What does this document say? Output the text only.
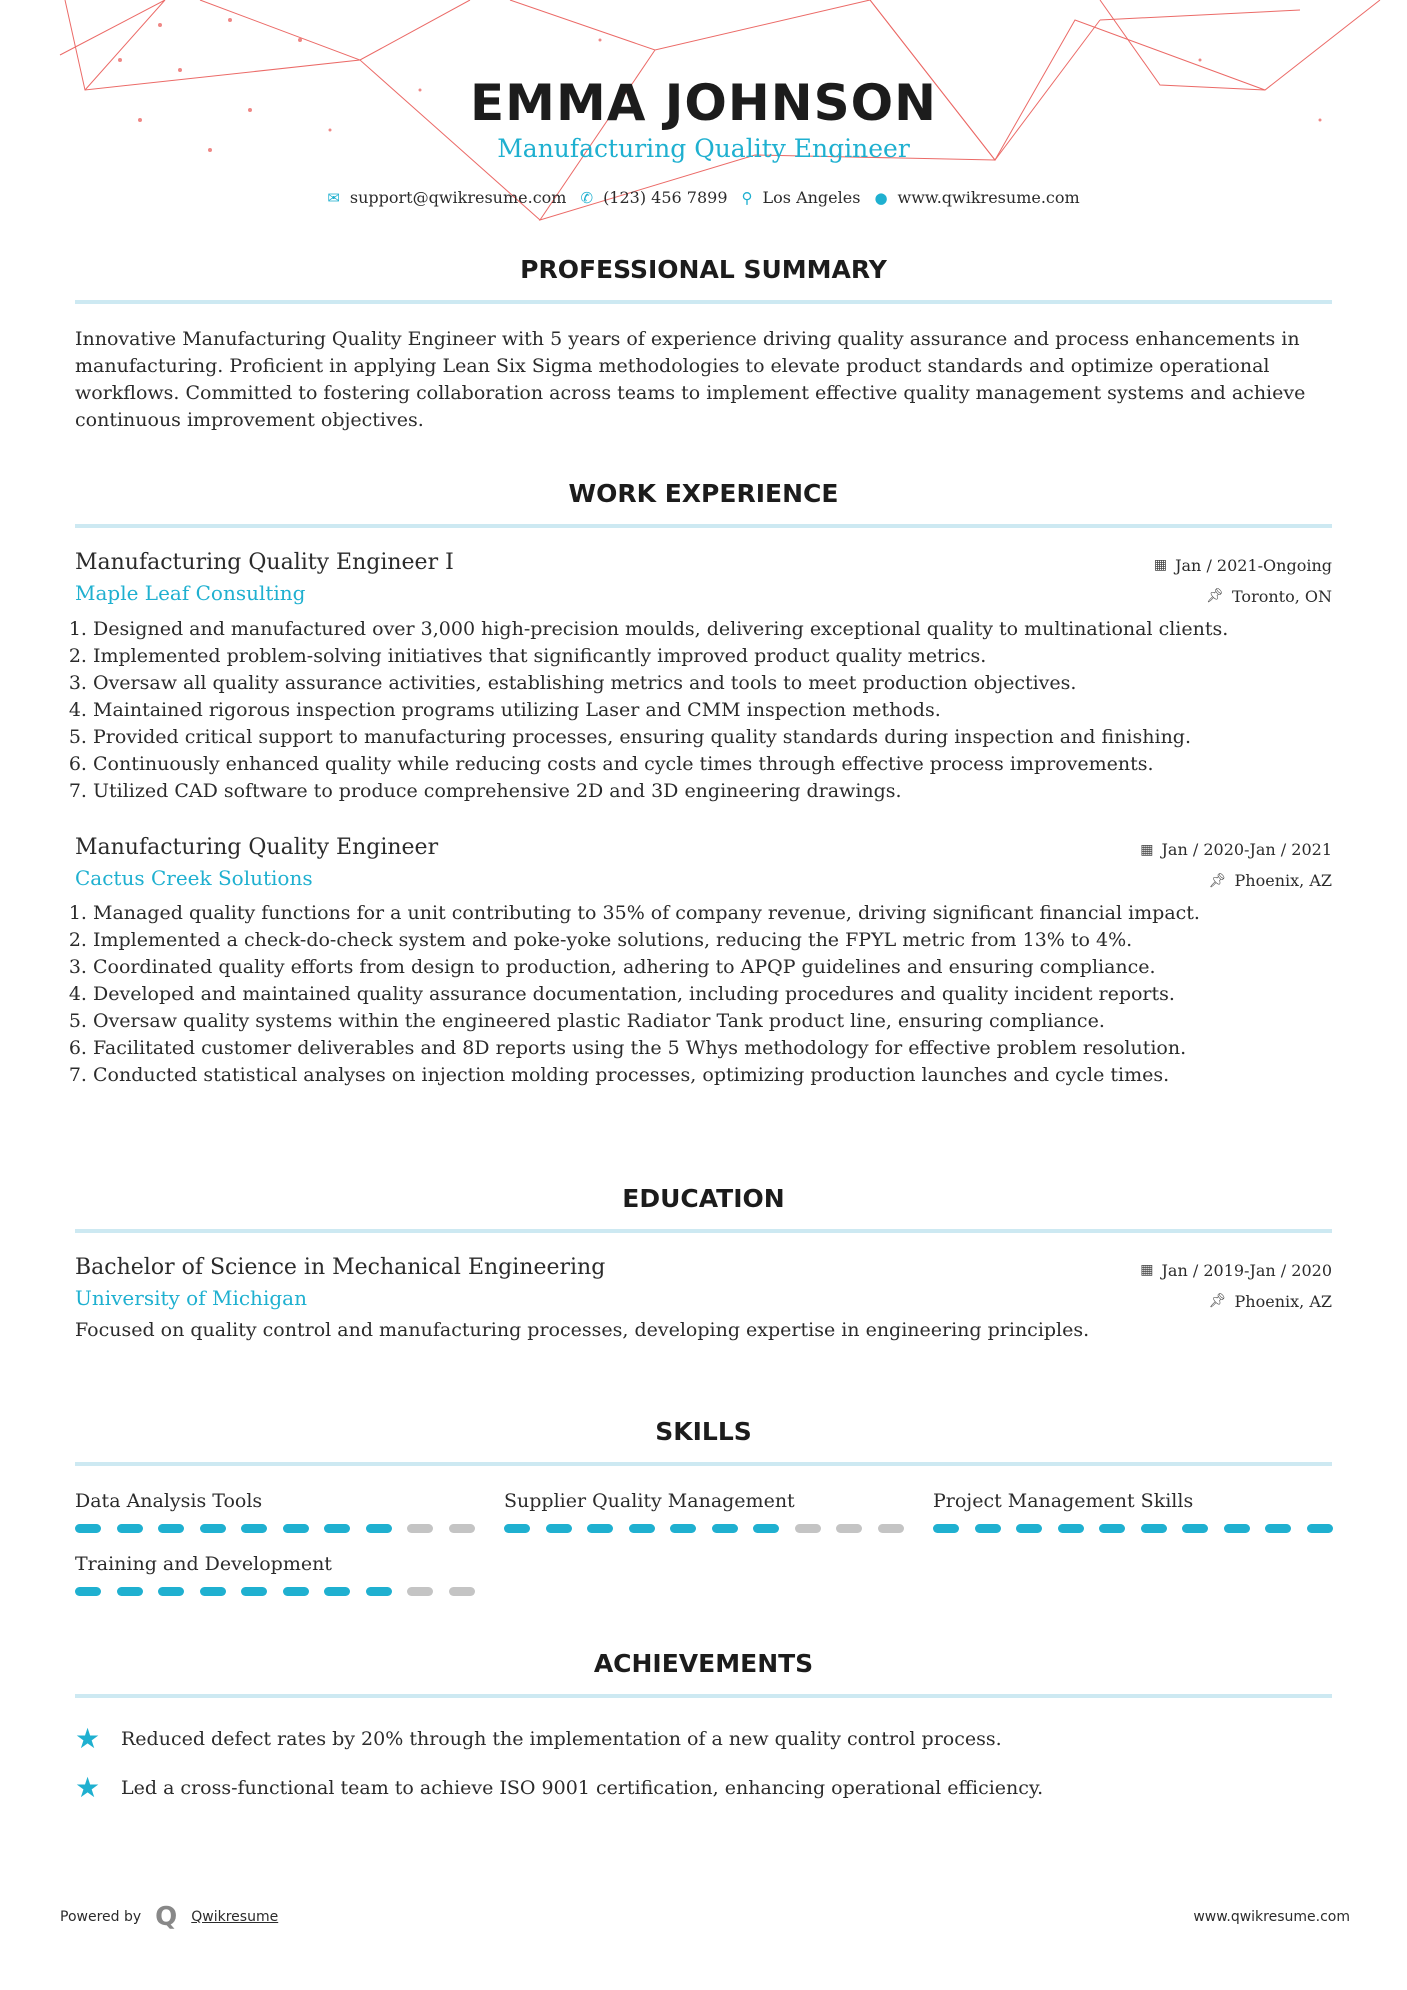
EMMA JOHNSON
Manufacturing Quality Engineer
✉ support@qwikresume.com ✆ (123) 456 7899 ⚲ Los Angeles ● www.qwikresume.com
PROFESSIONAL SUMMARY

Innovative Manufacturing Quality Engineer with 5 years of experience driving quality assurance and process enhancements in manufacturing. Proficient in applying Lean Six Sigma methodologies to elevate product standards and optimize operational workflows. Committed to fostering collaboration across teams to implement effective quality management systems and achieve continuous improvement objectives.

WORK EXPERIENCE
Manufacturing Quality Engineer I	▦ Jan / 2021-Ongoing
Maple Leaf Consulting	📌︎ Toronto, ON
1. Designed and manufactured over 3,000 high-precision moulds, delivering exceptional quality to multinational clients.
2. Implemented problem-solving initiatives that significantly improved product quality metrics.
3. Oversaw all quality assurance activities, establishing metrics and tools to meet production objectives.
4. Maintained rigorous inspection programs utilizing Laser and CMM inspection methods.
5. Provided critical support to manufacturing processes, ensuring quality standards during inspection and finishing.
6. Continuously enhanced quality while reducing costs and cycle times through effective process improvements.
7. Utilized CAD software to produce comprehensive 2D and 3D engineering drawings.
Manufacturing Quality Engineer	▦ Jan / 2020-Jan / 2021
Cactus Creek Solutions	📌︎ Phoenix, AZ
1. Managed quality functions for a unit contributing to 35% of company revenue, driving significant financial impact.
2. Implemented a check-do-check system and poke-yoke solutions, reducing the FPYL metric from 13% to 4%.
3. Coordinated quality efforts from design to production, adhering to APQP guidelines and ensuring compliance.
4. Developed and maintained quality assurance documentation, including procedures and quality incident reports.
5. Oversaw quality systems within the engineered plastic Radiator Tank product line, ensuring compliance.
6. Facilitated customer deliverables and 8D reports using the 5 Whys methodology for effective problem resolution.
7. Conducted statistical analyses on injection molding processes, optimizing production launches and cycle times.
EDUCATION
Bachelor of Science in Mechanical Engineering	▦ Jan / 2019-Jan / 2020
University of Michigan	📌︎ Phoenix, AZ

Focused on quality control and manufacturing processes, developing expertise in engineering principles.

SKILLS
Data Analysis Tools	Supplier Quality Management	Project Management Skills
Training and Development
ACHIEVEMENTS
★	Reduced defect rates by 20% through the implementation of a new quality control process.
★	Led a cross-functional team to achieve ISO 9001 certification, enhancing operational efficiency.
Powered by Q Qwikresume	www.qwikresume.com
